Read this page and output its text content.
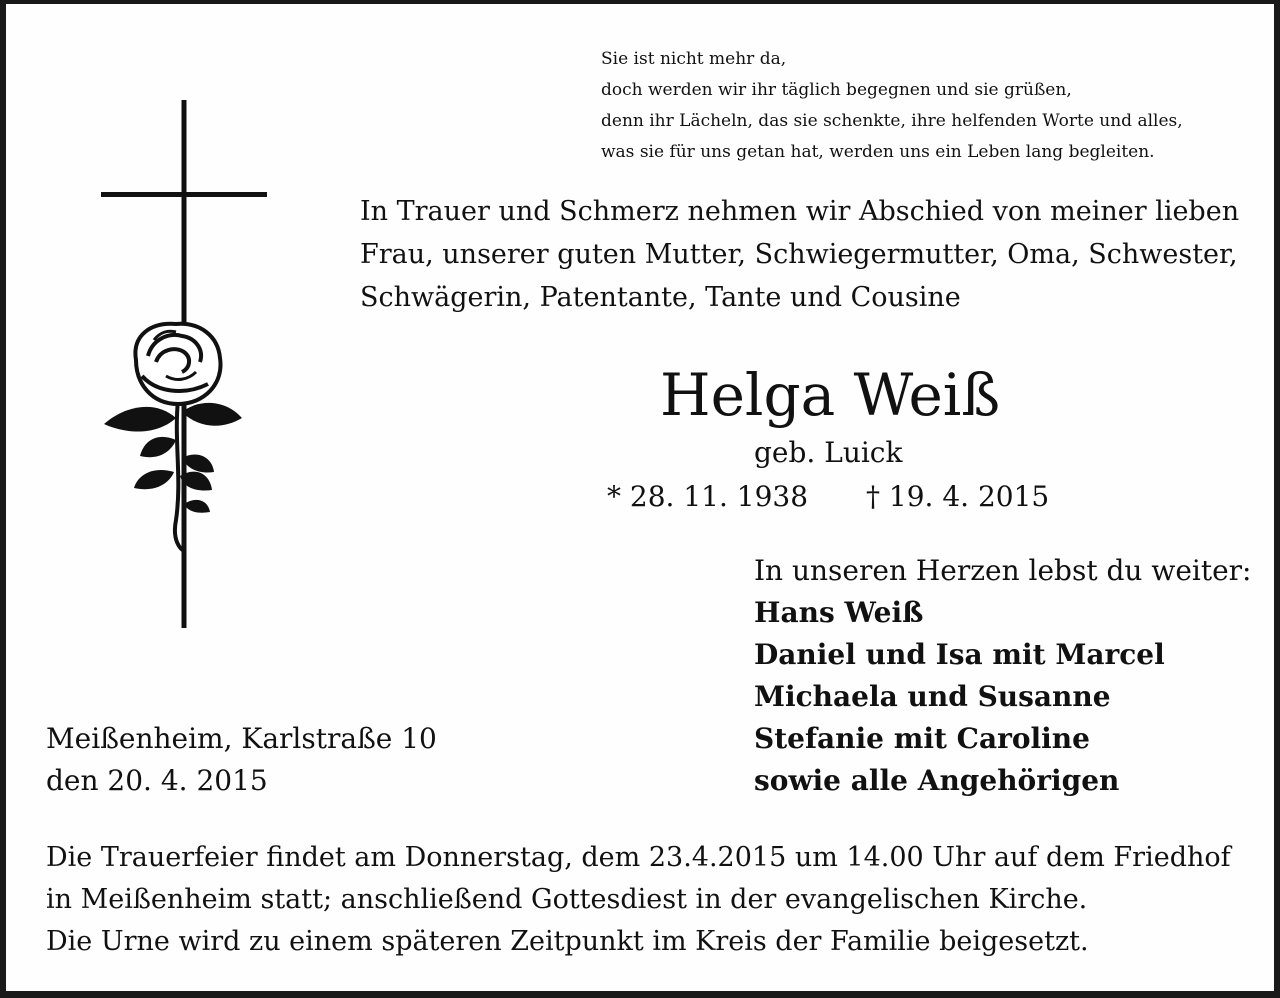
Sie ist nicht mehr da,
doch werden wir ihr täglich begegnen und sie grüßen,
denn ihr Lächeln, das sie schenkte, ihre helfenden Worte und alles,
was sie für uns getan hat, werden uns ein Leben lang begleiten.
In Trauer und Schmerz nehmen wir Abschied von meiner lieben
Frau, unserer guten Mutter, Schwiegermutter, Oma, Schwester,
Schwägerin, Patentante, Tante und Cousine
Helga Weiß
geb. Luick
* 28. 11. 1938 † 19. 4. 2015
In unseren Herzen lebst du weiter:
Hans Weiß
Daniel und Isa mit Marcel
Michaela und Susanne
Stefanie mit Caroline
sowie alle Angehörigen
Meißenheim, Karlstraße 10
den 20. 4. 2015
Die Trauerfeier findet am Donnerstag, dem 23.4.2015 um 14.00 Uhr auf dem Friedhof
in Meißenheim statt; anschließend Gottesdiest in der evangelischen Kirche.
Die Urne wird zu einem späteren Zeitpunkt im Kreis der Familie beigesetzt.
